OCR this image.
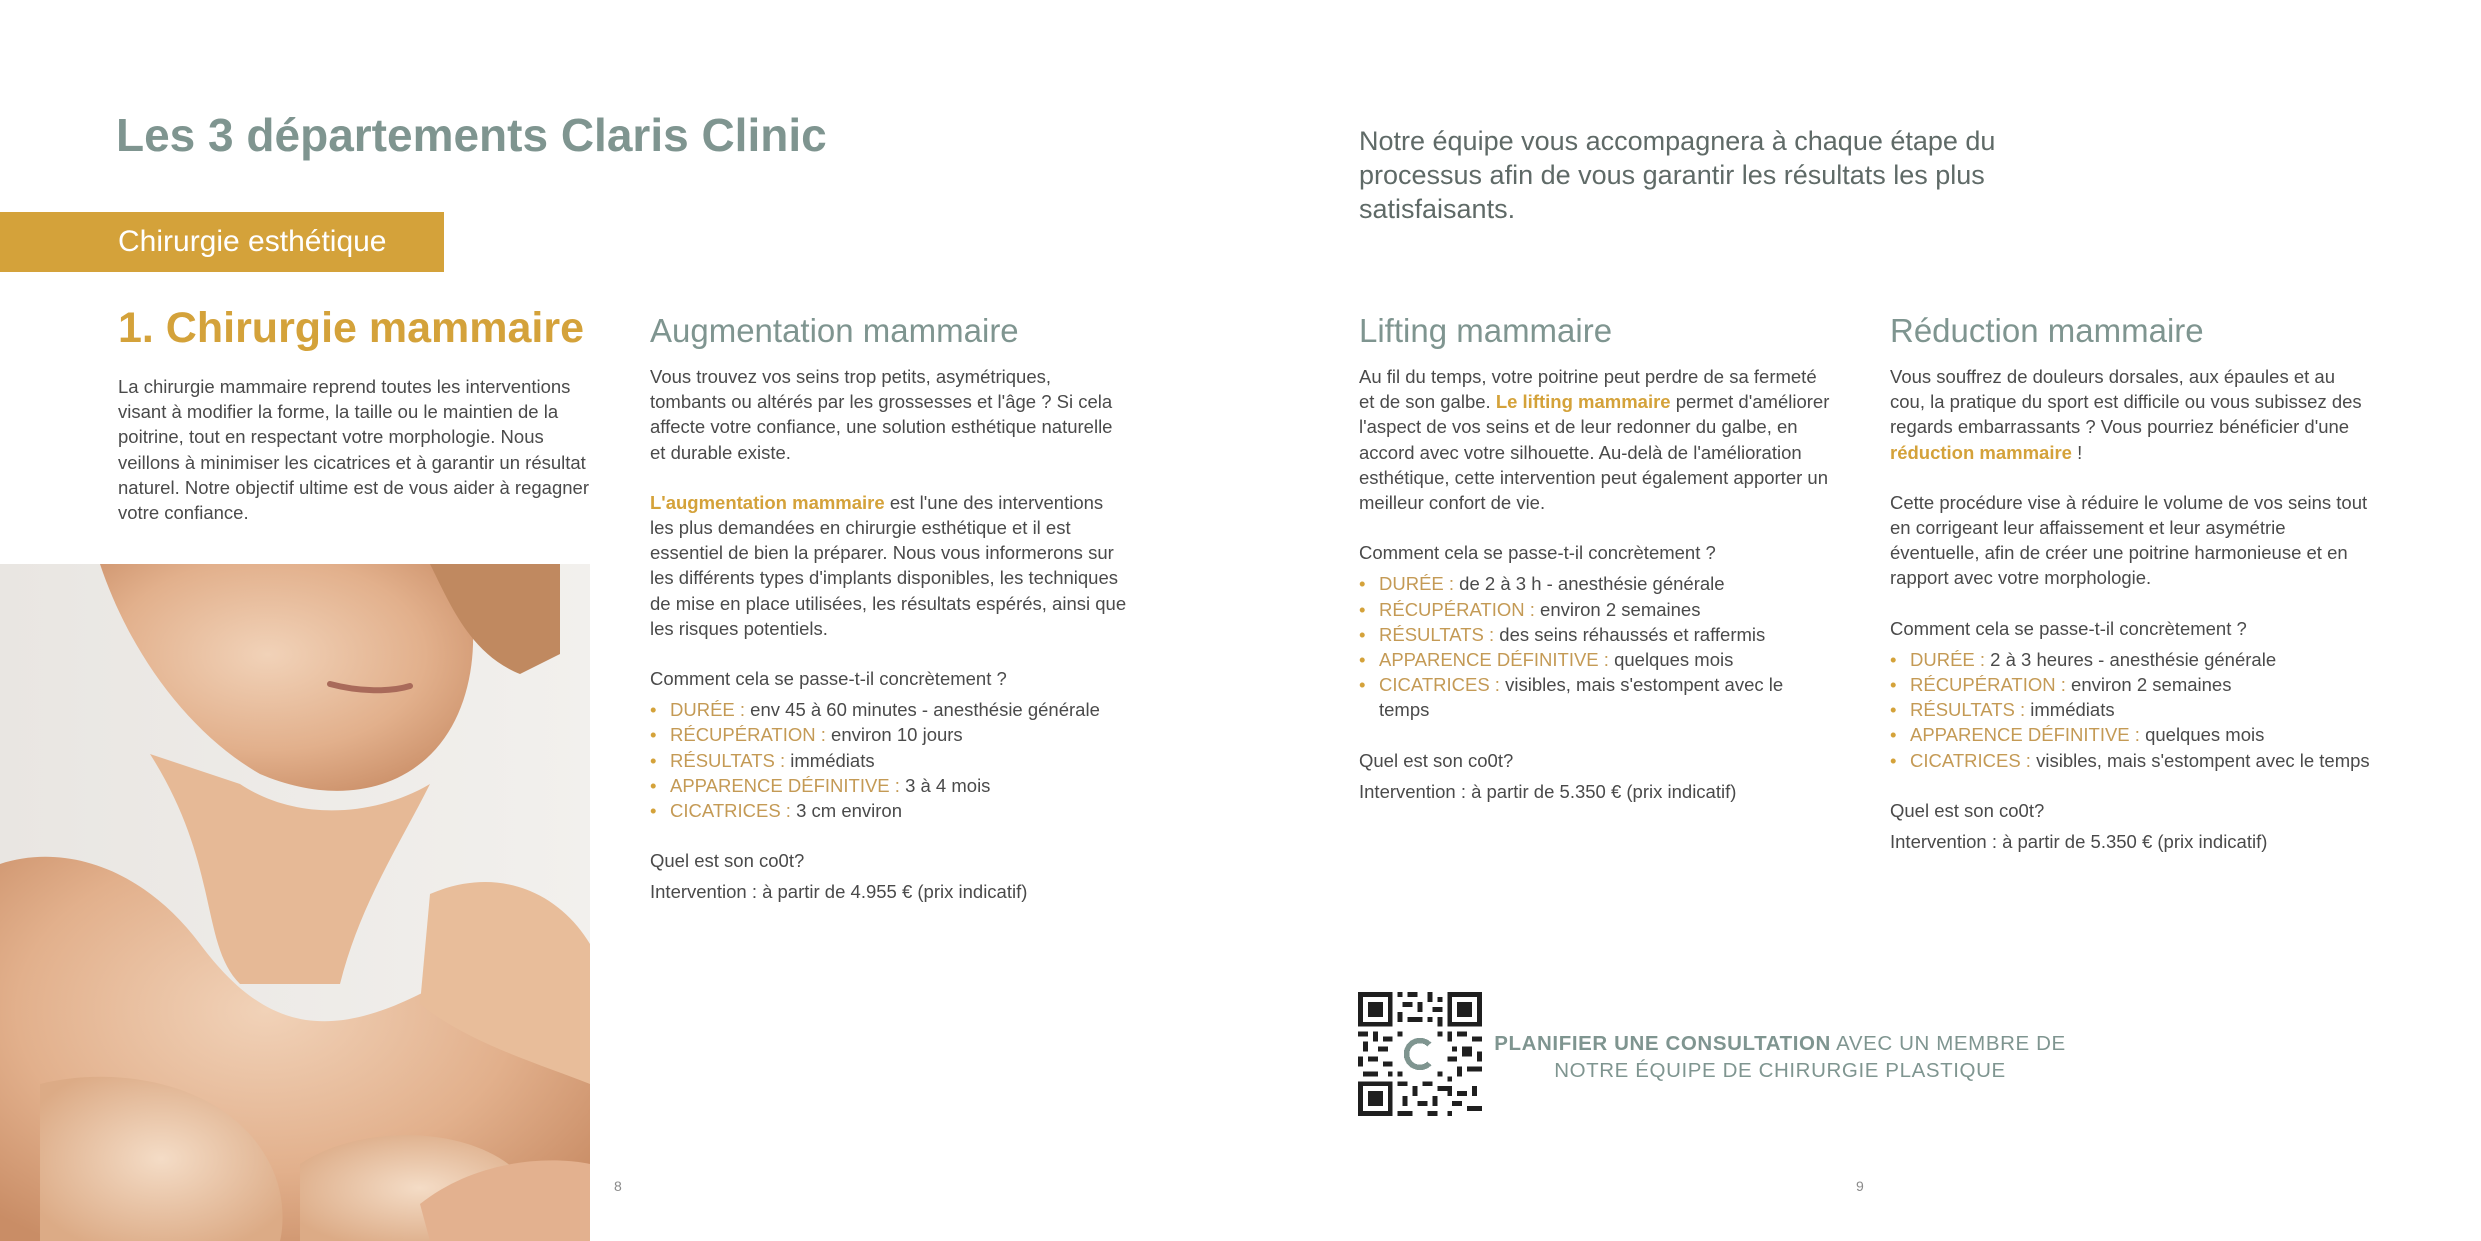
Les 3 départements Claris Clinic	Notre équipe vous accompagnera à chaque étape du processus afin de vous garantir les résultats les plus satisfaisants.

Chirurgie esthétique
1. Chirurgie mammaire

La chirurgie mammaire reprend toutes les interventions visant à modifier la forme, la taille ou le maintien de la poitrine, tout en respectant votre morphologie. Nous veillons à minimiser les cicatrices et à garantir un résultat naturel. Notre objectif ultime est de vous aider à regagner votre confiance.

Augmentation mammaire

Vous trouvez vos seins trop petits, asymétriques, tombants ou altérés par les grossesses et l'âge ? Si cela affecte votre confiance, une solution esthétique naturelle et durable existe.

L'augmentation mammaire est l'une des interventions les plus demandées en chirurgie esthétique et il est essentiel de bien la préparer. Nous vous informerons sur les différents types d'implants disponibles, les techniques de mise en place utilisées, les résultats espérés, ainsi que les risques potentiels.

Comment cela se passe-t-il concrètement ?

• DURÉE : env 45 à 60 minutes - anesthésie générale
• RÉCUPÉRATION : environ 10 jours
• RÉSULTATS : immédiats
• APPARENCE DÉFINITIVE : 3 à 4 mois
• CICATRICES : 3 cm environ

Quel est son co0t?

Intervention : à partir de 4.955 € (prix indicatif)

Lifting mammaire

Au fil du temps, votre poitrine peut perdre de sa fermeté et de son galbe. Le lifting mammaire permet d'améliorer l'aspect de vos seins et de leur redonner du galbe, en accord avec votre silhouette. Au-delà de l'amélioration esthétique, cette intervention peut également apporter un meilleur confort de vie.

Comment cela se passe-t-il concrètement ?

• DURÉE : de 2 à 3 h - anesthésie générale
• RÉCUPÉRATION : environ 2 semaines
• RÉSULTATS : des seins réhaussés et raffermis
• APPARENCE DÉFINITIVE : quelques mois
• CICATRICES : visibles, mais s'estompent avec le temps

Quel est son co0t?

Intervention : à partir de 5.350 € (prix indicatif)

Réduction mammaire

Vous souffrez de douleurs dorsales, aux épaules et au cou, la pratique du sport est difficile ou vous subissez des regards embarrassants ? Vous pourriez bénéficier d'une réduction mammaire !

Cette procédure vise à réduire le volume de vos seins tout en corrigeant leur affaissement et leur asymétrie éventuelle, afin de créer une poitrine harmonieuse et en rapport avec votre morphologie.

Comment cela se passe-t-il concrètement ?

• DURÉE : 2 à 3 heures - anesthésie générale
• RÉCUPÉRATION : environ 2 semaines
• RÉSULTATS : immédiats
• APPARENCE DÉFINITIVE : quelques mois
• CICATRICES : visibles, mais s'estompent avec le temps

Quel est son co0t?

Intervention : à partir de 5.350 € (prix indicatif)

PLANIFIER UNE CONSULTATION AVEC UN MEMBRE DE NOTRE ÉQUIPE DE CHIRURGIE PLASTIQUE

8	9
